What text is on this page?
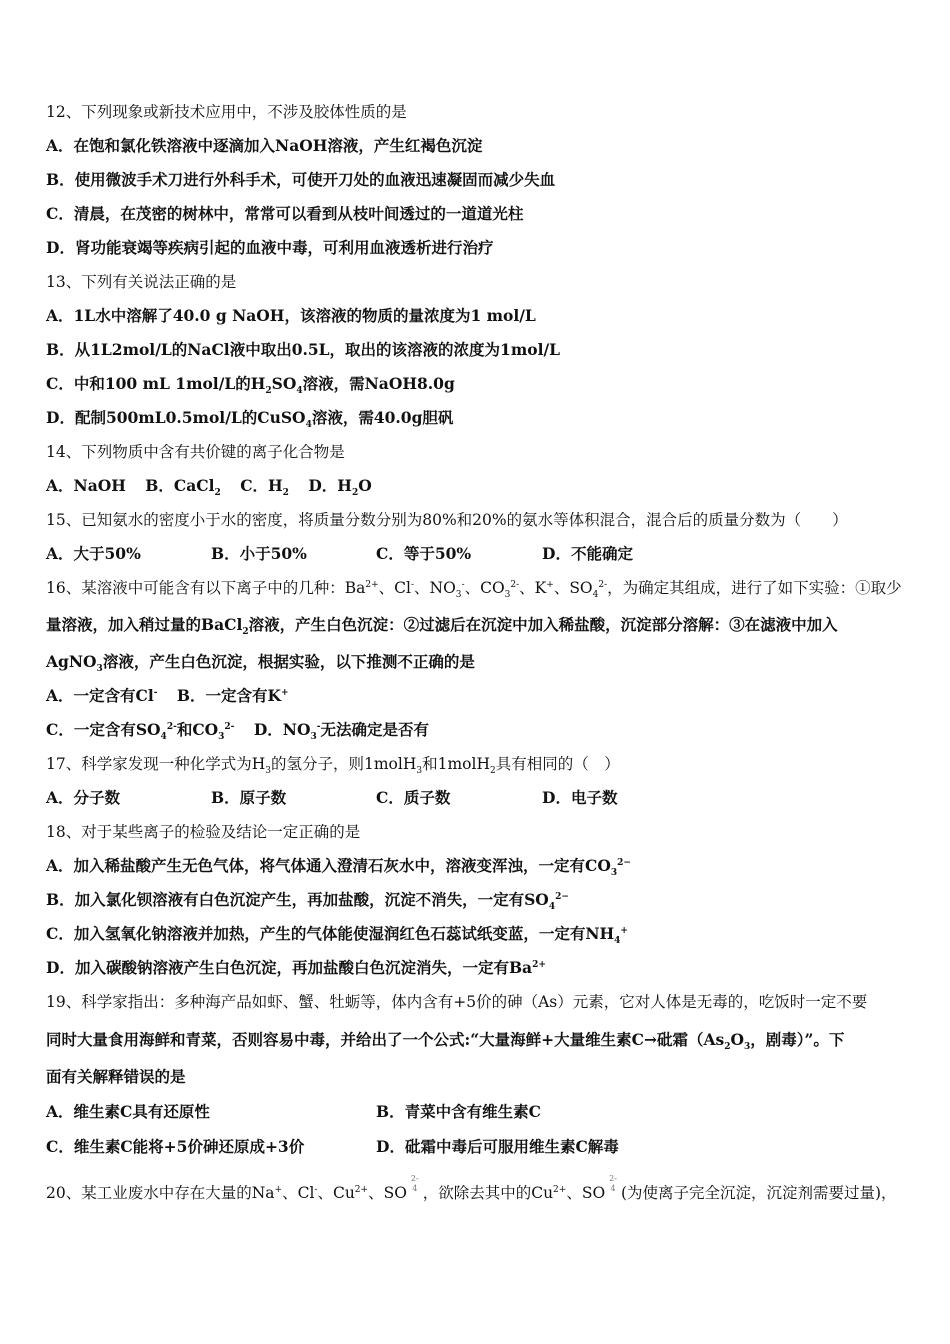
12、下列现象或新技术应用中，不涉及胶体性质的是
A．在饱和氯化铁溶液中逐滴加入NaOH溶液，产生红褐色沉淀
B．使用微波手术刀进行外科手术，可使开刀处的血液迅速凝固而减少失血
C．清晨，在茂密的树林中，常常可以看到从枝叶间透过的一道道光柱
D．肾功能衰竭等疾病引起的血液中毒，可利用血液透析进行治疗
13、下列有关说法正确的是
A．1L水中溶解了40.0 g NaOH，该溶液的物质的量浓度为1 mol/L
B．从1L2mol/L的NaCl液中取出0.5L，取出的该溶液的浓度为1mol/L
C．中和100 mL 1mol/L的$H_2SO_4$溶液，需NaOH8.0g
D．配制500mL0.5mol/L的CuSO$_4$溶液，需40.0g胆矾
14、下列物质中含有共价键的离子化合物是
A．NaOH B．CaCl$_2$ C．$H_2$ D．$H_2O$
15、已知氨水的密度小于水的密度，将质量分数分别为80%和20%的氨水等体积混合，混合后的质量分数为（　　）
A．大于50%	B．小于50%	C．等于50%	D．不能确定
16、某溶液中可能含有以下离子中的几种：$Ba^{2+}$、Cl-、$NO_3^-$、$CO_3^{2-}$、K+、$SO_4^{2-}$，为确定其组成，进行了如下实验：①取少
量溶液，加入稍过量的BaCl$_2$溶液，产生白色沉淀：②过滤后在沉淀中加入稀盐酸，沉淀部分溶解：③在滤液中加入
AgNO$_3$溶液，产生白色沉淀，根据实验，以下推测不正确的是
A．一定含有Cl- B．一定含有K+
C．一定含有$SO_4^{2-}$和$CO_3^{2-}$ D．$NO_3^-$无法确定是否有
17、科学家发现一种化学式为$H_3$的氢分子，则1molH$_3$和1molH$_2$具有相同的（　）
A．分子数	B．原子数	C．质子数	D．电子数
18、对于某些离子的检验及结论一定正确的是
A．加入稀盐酸产生无色气体，将气体通入澄清石灰水中，溶液变浑浊，一定有$CO_3^{2-}$
B．加入氯化钡溶液有白色沉淀产生，再加盐酸，沉淀不消失，一定有$SO_4^{2-}$
C．加入氢氧化钠溶液并加热，产生的气体能使湿润红色石蕊试纸变蓝，一定有$NH_4^+$
D．加入碳酸钠溶液产生白色沉淀，再加盐酸白色沉淀消失，一定有$Ba^{2+}$
19、科学家指出：多种海产品如虾、蟹、牡蛎等，体内含有+5价的砷（As）元素，它对人体是无毒的，吃饭时一定不要
同时大量食用海鲜和青菜，否则容易中毒，并给出了一个公式:“大量海鲜+大量维生素C→砒霜（$As_2O_3$，剧毒）”。下
面有关解释错误的是
A．维生素C具有还原性	B．青菜中含有维生素C
C．维生素C能将+5价砷还原成+3价	D．砒霜中毒后可服用维生素C解毒
20、某工业废水中存在大量的Na+、Cl-、$Cu^{2+}$、SO
2-
4 ，欲除去其中的$Cu^{2+}$、SO
2-
4 (为使离子完全沉淀，沉淀剂需要过量)，
